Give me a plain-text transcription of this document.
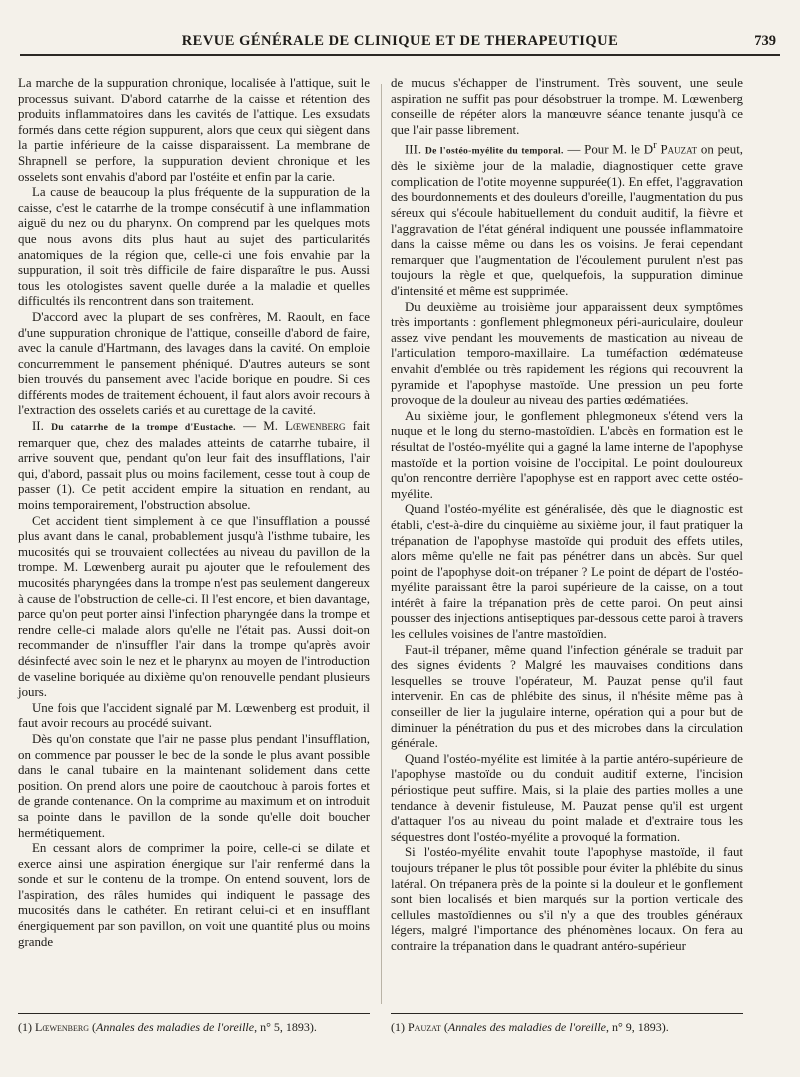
REVUE GÉNÉRALE DE CLINIQUE ET DE THERAPEUTIQUE	739

La marche de la suppuration chronique, localisée à l'attique, suit le processus suivant. D'abord catarrhe de la caisse et rétention des produits inflammatoires dans les cavités de l'attique. Les exsudats formés dans cette région suppurent, alors que ceux qui siègent dans la partie inférieure de la caisse disparaissent. La membrane de Shrapnell se perfore, la suppuration devient chronique et les osselets sont envahis d'abord par l'ostéite et enfin par la carie.

La cause de beaucoup la plus fréquente de la suppuration de la caisse, c'est le catarrhe de la trompe consécutif à une inflammation aiguë du nez ou du pharynx. On comprend par les quelques mots que nous avons dits plus haut au sujet des particularités anatomiques de la région que, celle-ci une fois envahie par la suppuration, il soit très difficile de faire disparaître le pus. Aussi tous les otologistes savent quelle durée a la maladie et quelles difficultés ils rencontrent dans son traitement.

D'accord avec la plupart de ses confrères, M. Raoult, en face d'une suppuration chronique de l'attique, conseille d'abord de faire, avec la canule d'Hartmann, des lavages dans la cavité. On emploie concurremment le pansement phéniqué. D'autres auteurs se sont bien trouvés du pansement avec l'acide borique en poudre. Si ces différents modes de traitement échouent, il faut alors avoir recours à l'extraction des osselets cariés et au curettage de la cavité.

II. Du catarrhe de la trompe d'Eustache. — M. Lœwenberg fait remarquer que, chez des malades atteints de catarrhe tubaire, il arrive souvent que, pendant qu'on leur fait des insufflations, l'air qui, d'abord, passait plus ou moins facilement, cesse tout à coup de passer (1). Ce petit accident empire la situation en rendant, au moins temporairement, l'obstruction absolue.

Cet accident tient simplement à ce que l'insufflation a poussé plus avant dans le canal, probablement jusqu'à l'isthme tubaire, les mucosités qui se trouvaient collectées au niveau du pavillon de la trompe. M. Lœwenberg aurait pu ajouter que le refoulement des mucosités pharyngées dans la trompe n'est pas seulement dangereux à cause de l'obstruction de celle-ci. Il l'est encore, et bien davantage, parce qu'on peut porter ainsi l'infection pharyngée dans la trompe et rendre celle-ci malade alors qu'elle ne l'était pas. Aussi doit-on recommander de n'insuffler l'air dans la trompe qu'après avoir désinfecté avec soin le nez et le pharynx au moyen de l'introduction de vaseline boriquée au dixième qu'on renouvelle pendant plusieurs jours.

Une fois que l'accident signalé par M. Lœwenberg est produit, il faut avoir recours au procédé suivant.

Dès qu'on constate que l'air ne passe plus pendant l'insufflation, on commence par pousser le bec de la sonde le plus avant possible dans le canal tubaire en la maintenant solidement dans cette position. On prend alors une poire de caoutchouc à parois fortes et de grande contenance. On la comprime au maximum et on introduit sa pointe dans le pavillon de la sonde qu'elle doit boucher hermétiquement.

En cessant alors de comprimer la poire, celle-ci se dilate et exerce ainsi une aspiration énergique sur l'air renfermé dans la sonde et sur le contenu de la trompe. On entend souvent, lors de l'aspiration, des râles humides qui indiquent le passage des mucosités dans le cathéter. En retirant celui-ci et en insufflant énergiquement par son pavillon, on voit une quantité plus ou moins grande

de mucus s'échapper de l'instrument. Très souvent, une seule aspiration ne suffit pas pour désobstruer la trompe. M. Lœwenberg conseille de répéter alors la manœuvre séance tenante jusqu'à ce que l'air passe librement.

III. De l'ostéo-myélite du temporal. — Pour M. le $D^r$ Pauzat on peut, dès le sixième jour de la maladie, diagnostiquer cette grave complication de l'otite moyenne suppurée(1). En effet, l'aggravation des bourdonnements et des douleurs d'oreille, l'augmentation du pus séreux qui s'écoule habituellement du conduit auditif, la fièvre et l'aggravation de l'état général indiquent une poussée inflammatoire dans la caisse même ou dans les os voisins. Je ferai cependant remarquer que l'augmentation de l'écoulement purulent n'est pas toujours la règle et que, quelquefois, la suppuration diminue d'intensité et même est supprimée.

Du deuxième au troisième jour apparaissent deux symptômes très importants : gonflement phlegmoneux péri-auriculaire, douleur assez vive pendant les mouvements de mastication au niveau de l'articulation temporo-maxillaire. La tuméfaction œdémateuse envahit d'emblée ou très rapidement les régions qui recouvrent la pyramide et l'apophyse mastoïde. Une pression un peu forte provoque de la douleur au niveau des parties œdématiées.

Au sixième jour, le gonflement phlegmoneux s'étend vers la nuque et le long du sterno-mastoïdien. L'abcès en formation est le résultat de l'ostéo-myélite qui a gagné la lame interne de l'apophyse mastoïde et la portion voisine de l'occipital. Le point douloureux qu'on rencontre derrière l'apophyse est en rapport avec cette ostéo-myélite.

Quand l'ostéo-myélite est généralisée, dès que le diagnostic est établi, c'est-à-dire du cinquième au sixième jour, il faut pratiquer la trépanation de l'apophyse mastoïde qui produit des effets utiles, alors même qu'elle ne fait pas pénétrer dans un abcès. Sur quel point de l'apophyse doit-on trépaner ? Le point de départ de l'ostéo-myélite paraissant être la paroi supérieure de la caisse, on a tout intérêt à faire la trépanation près de cette paroi. On peut ainsi pousser des injections antiseptiques par-dessous cette paroi à travers les cellules voisines de l'antre mastoïdien.

Faut-il trépaner, même quand l'infection générale se traduit par des signes évidents ? Malgré les mauvaises conditions dans lesquelles se trouve l'opérateur, M. Pauzat pense qu'il faut intervenir. En cas de phlébite des sinus, il n'hésite même pas à conseiller de lier la jugulaire interne, opération qui a pour but de diminuer la pénétration du pus et des microbes dans la circulation générale.

Quand l'ostéo-myélite est limitée à la partie antéro-supérieure de l'apophyse mastoïde ou du conduit auditif externe, l'incision périostique peut suffire. Mais, si la plaie des parties molles a une tendance à devenir fistuleuse, M. Pauzat pense qu'il est urgent d'attaquer l'os au niveau du point malade et d'extraire tous les séquestres dont l'ostéo-myélite a provoqué la formation.

Si l'ostéo-myélite envahit toute l'apophyse mastoïde, il faut toujours trépaner le plus tôt possible pour éviter la phlébite du sinus latéral. On trépanera près de la pointe si la douleur et le gonflement sont bien localisés et bien marqués sur la portion verticale des cellules mastoïdiennes ou s'il n'y a que des troubles généraux légers, malgré l'importance des phénomènes locaux. On fera au contraire la trépanation dans le quadrant antéro-supérieur

(1) Lœwenberg (Annales des maladies de l'oreille, n° 5, 1893).	(1) Pauzat (Annales des maladies de l'oreille, n° 9, 1893).
